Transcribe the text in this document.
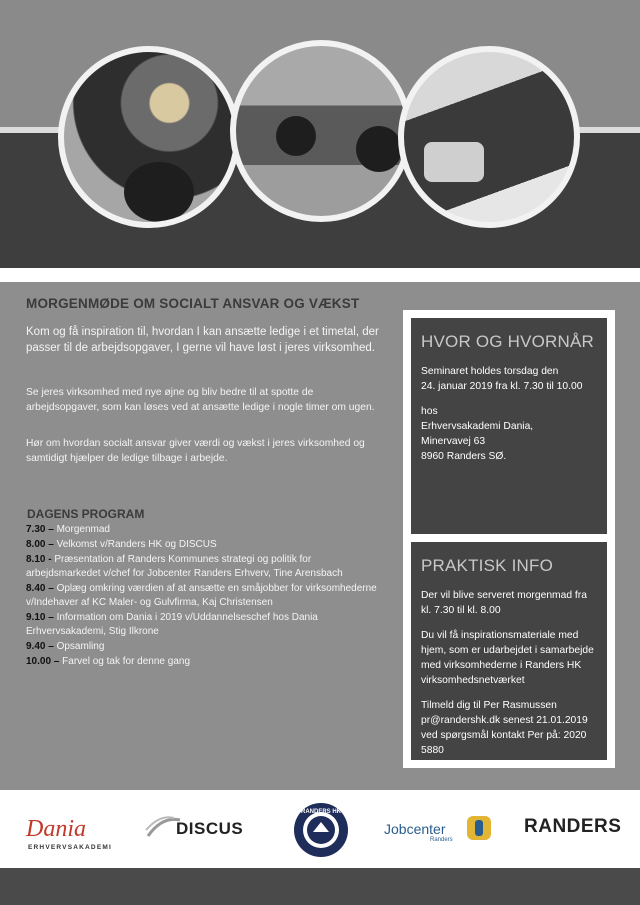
MORGENMØDE OM SOCIALT ANSVAR OG VÆKST

Kom og få inspiration til, hvordan I kan ansætte ledige i et timetal, der passer til de arbejdsopgaver, I gerne vil have løst i jeres virksomhed.

Se jeres virksomhed med nye øjne og bliv bedre til at spotte de arbejdsopgaver, som kan løses ved at ansætte ledige i nogle timer om ugen.

Hør om hvordan socialt ansvar giver værdi og vækst i jeres virksomhed og samtidigt hjælper de ledige tilbage i arbejde.

DAGENS PROGRAM
7.30 – Morgenmad
8.00 – Velkomst v/Randers HK og DISCUS
8.10 - Præsentation af Randers Kommunes strategi og politik for arbejdsmarkedet v/chef for Jobcenter Randers Erhverv, Tine Arensbach
8.40 – Oplæg omkring værdien af at ansætte en småjobber for virksomhederne v/Indehaver af KC Maler- og Gulvfirma, Kaj Christensen
9.10 – Information om Dania i 2019 v/Uddannelseschef hos Dania Erhvervsakademi, Stig Ilkrone
9.40 – Opsamling
10.00 – Farvel og tak for denne gang
HVOR OG HVORNÅR

Seminaret holdes torsdag den
24. januar 2019 fra kl. 7.30 til 10.00

hos

Erhvervsakademi Dania,
Minervavej 63
8960 Randers SØ.

PRAKTISK INFO

Der vil blive serveret morgenmad fra kl. 7.30 til kl. 8.00

Du vil få inspirationsmateriale med hjem, som er udarbejdet i samarbejde med virksomhederne i Randers HK virksomhedsnetværket

Tilmeld dig til Per Rasmussen pr@randershk.dk senest 21.01.2019 ved spørgsmål kontakt Per på: 2020 5880

Dania
ERHVERVSAKADEMI
DISCUS
RANDERS HK
Jobcenter
Randers
RANDERS
